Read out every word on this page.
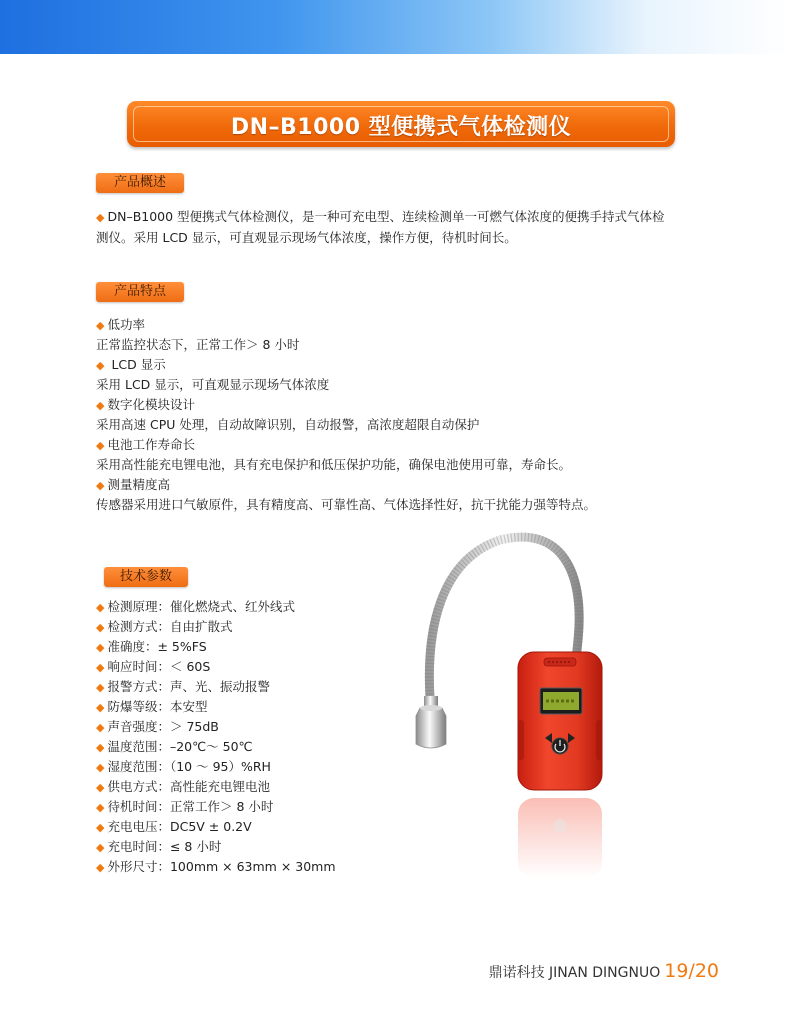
DN–B1000 型便携式气体检测仪
产品概述
◆ DN–B1000 型便携式气体检测仪，是一种可充电型、连续检测单一可燃气体浓度的便携手持式气体检
测仪。采用 LCD 显示，可直观显示现场气体浓度，操作方便，待机时间长。
产品特点
◆ 低功率
正常监控状态下，正常工作＞ 8 小时
◆ LCD 显示
采用 LCD 显示，可直观显示现场气体浓度
◆ 数字化模块设计
采用高速 CPU 处理，自动故障识别，自动报警，高浓度超限自动保护
◆ 电池工作寿命长
采用高性能充电锂电池，具有充电保护和低压保护功能，确保电池使用可靠，寿命长。
◆ 测量精度高
传感器采用进口气敏原件，具有精度高、可靠性高、气体选择性好，抗干扰能力强等特点。
技术参数
◆ 检测原理：催化燃烧式、红外线式
◆ 检测方式：自由扩散式
◆ 准确度：± 5%FS
◆ 响应时间：＜ 60S
◆ 报警方式：声、光、振动报警
◆ 防爆等级：本安型
◆ 声音强度：＞ 75dB
◆ 温度范围：–20℃～ 50℃
◆ 湿度范围：（10 ～ 95）%RH
◆ 供电方式：高性能充电锂电池
◆ 待机时间：正常工作＞ 8 小时
◆ 充电电压：DC5V ± 0.2V
◆ 充电时间：≤ 8 小时
◆ 外形尺寸：100mm × 63mm × 30mm
鼎诺科技 JINAN DINGNUO 19/20
